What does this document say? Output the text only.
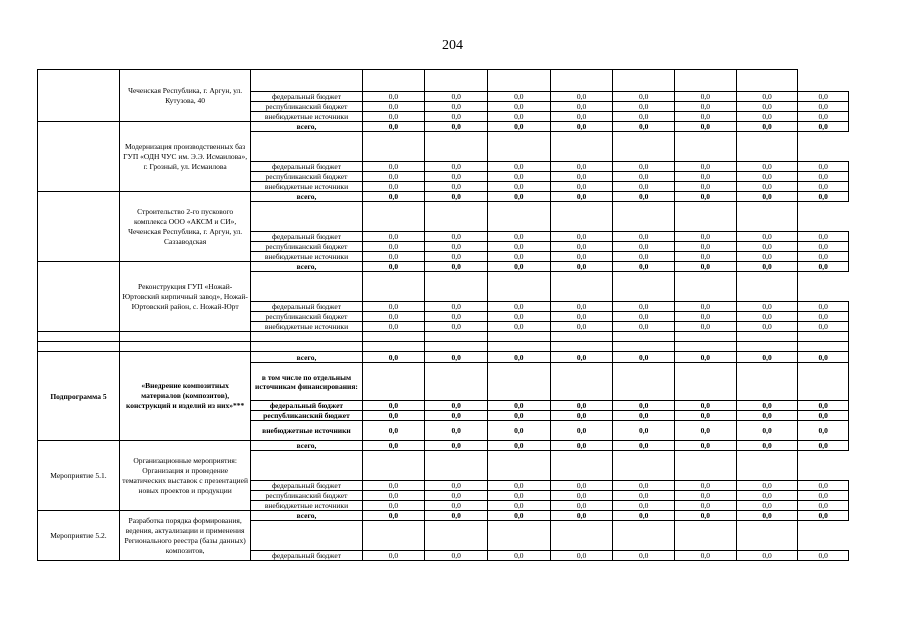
204
	Чеченская Республика, г. Аргун, ул. Кутузова, 40									
		федеральный бюджет	0,0	0,0	0,0	0,0	0,0	0,0	0,0	0,0
		республиканский бюджет	0,0	0,0	0,0	0,0	0,0	0,0	0,0	0,0
		внебюджетные источники	0,0	0,0	0,0	0,0	0,0	0,0	0,0	0,0
	Модернизация производственных баз ГУП «ОДН ЧУС им. Э.Э. Исмаилова», г. Грозный, ул. Исмаилова	всего,	0,0	0,0	0,0	0,0	0,0	0,0	0,0	0,0

		федеральный бюджет	0,0	0,0	0,0	0,0	0,0	0,0	0,0	0,0
		республиканский бюджет	0,0	0,0	0,0	0,0	0,0	0,0	0,0	0,0
		внебюджетные источники	0,0	0,0	0,0	0,0	0,0	0,0	0,0	0,0
	Строительство 2-го пускового комплекса ООО «АКСМ и СИ», Чеченская Республика, г. Аргун, ул. Саззаводская	всего,	0,0	0,0	0,0	0,0	0,0	0,0	0,0	0,0

		федеральный бюджет	0,0	0,0	0,0	0,0	0,0	0,0	0,0	0,0
		республиканский бюджет	0,0	0,0	0,0	0,0	0,0	0,0	0,0	0,0
		внебюджетные источники	0,0	0,0	0,0	0,0	0,0	0,0	0,0	0,0
	Реконструкция ГУП «Ножай-Юртовский кирпичный завод», Ножай-Юртовский район, с. Ножай-Юрт	всего,	0,0	0,0	0,0	0,0	0,0	0,0	0,0	0,0

		федеральный бюджет	0,0	0,0	0,0	0,0	0,0	0,0	0,0	0,0
		республиканский бюджет	0,0	0,0	0,0	0,0	0,0	0,0	0,0	0,0
		внебюджетные источники	0,0	0,0	0,0	0,0	0,0	0,0	0,0	0,0

Подпрограмма 5	«Внедрение композитных материалов (композитов), конструкций и изделий из них»***	всего,	0,0	0,0	0,0	0,0	0,0	0,0	0,0	0,0
		в том числе по отдельным источникам финансирования:								
		федеральный бюджет	0,0	0,0	0,0	0,0	0,0	0,0	0,0	0,0
		республиканский бюджет	0,0	0,0	0,0	0,0	0,0	0,0	0,0	0,0
		внебюджетные источники	0,0	0,0	0,0	0,0	0,0	0,0	0,0	0,0
Мероприятие 5.1.	Организационные мероприятия: Организация и проведение тематических выставок с презентацией новых проектов и продукции	всего,	0,0	0,0	0,0	0,0	0,0	0,0	0,0	0,0

		федеральный бюджет	0,0	0,0	0,0	0,0	0,0	0,0	0,0	0,0
		республиканский бюджет	0,0	0,0	0,0	0,0	0,0	0,0	0,0	0,0
		внебюджетные источники	0,0	0,0	0,0	0,0	0,0	0,0	0,0	0,0
Мероприятие 5.2.	Разработка порядка формирования, ведения, актуализации и применения Регионального реестра (базы данных) композитов,	всего,	0,0	0,0	0,0	0,0	0,0	0,0	0,0	0,0

		федеральный бюджет	0,0	0,0	0,0	0,0	0,0	0,0	0,0	0,0
